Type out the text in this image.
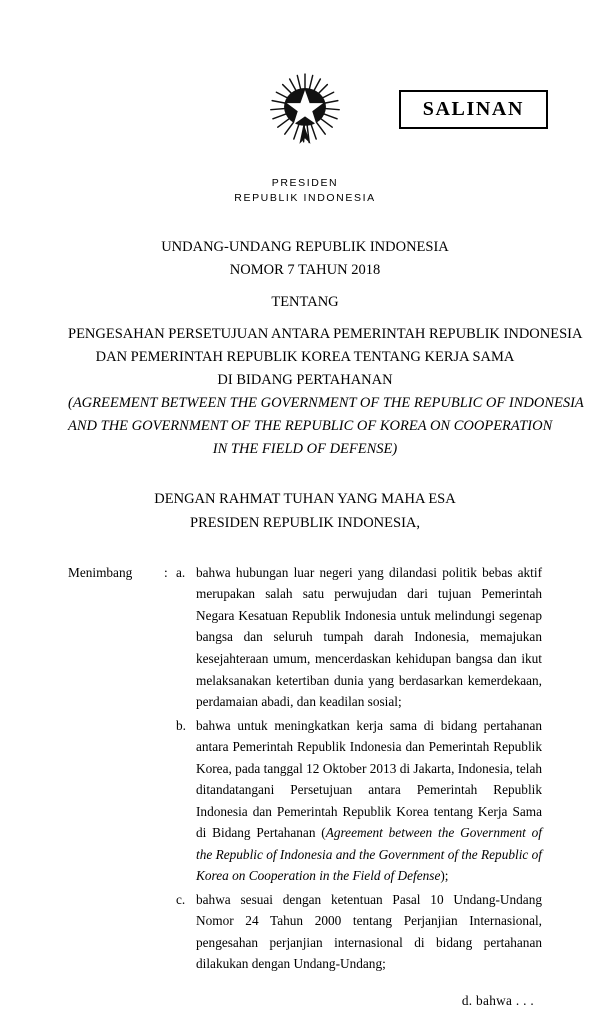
SALINAN
PRESIDEN
REPUBLIK INDONESIA
UNDANG-UNDANG REPUBLIK INDONESIA
NOMOR 7 TAHUN 2018
TENTANG
PENGESAHAN PERSETUJUAN ANTARA PEMERINTAH REPUBLIK INDONESIA
DAN PEMERINTAH REPUBLIK KOREA TENTANG KERJA SAMA
DI BIDANG PERTAHANAN
(AGREEMENT BETWEEN THE GOVERNMENT OF THE REPUBLIC OF INDONESIA
AND THE GOVERNMENT OF THE REPUBLIC OF KOREA ON COOPERATION
IN THE FIELD OF DEFENSE)
DENGAN RAHMAT TUHAN YANG MAHA ESA
PRESIDEN REPUBLIK INDONESIA,
Menimbang	: a. bahwa hubungan luar negeri yang dilandasi politik bebas aktif merupakan salah satu perwujudan dari tujuan Pemerintah Negara Kesatuan Republik Indonesia untuk melindungi segenap bangsa dan seluruh tumpah darah Indonesia, memajukan kesejahteraan umum, mencerdaskan kehidupan bangsa dan ikut melaksanakan ketertiban dunia yang berdasarkan kemerdekaan, perdamaian abadi, dan keadilan sosial;

b. bahwa untuk meningkatkan kerja sama di bidang pertahanan antara Pemerintah Republik Indonesia dan Pemerintah Republik Korea, pada tanggal 12 Oktober 2013 di Jakarta, Indonesia, telah ditandatangani Persetujuan antara Pemerintah Republik Indonesia dan Pemerintah Republik Korea tentang Kerja Sama di Bidang Pertahanan (Agreement between the Government of the Republic of Indonesia and the Government of the Republic of Korea on Cooperation in the Field of Defense);

c. bahwa sesuai dengan ketentuan Pasal 10 Undang-Undang Nomor 24 Tahun 2000 tentang Perjanjian Internasional, pengesahan perjanjian internasional di bidang pertahanan dilakukan dengan Undang-Undang;

d. bahwa . . .
